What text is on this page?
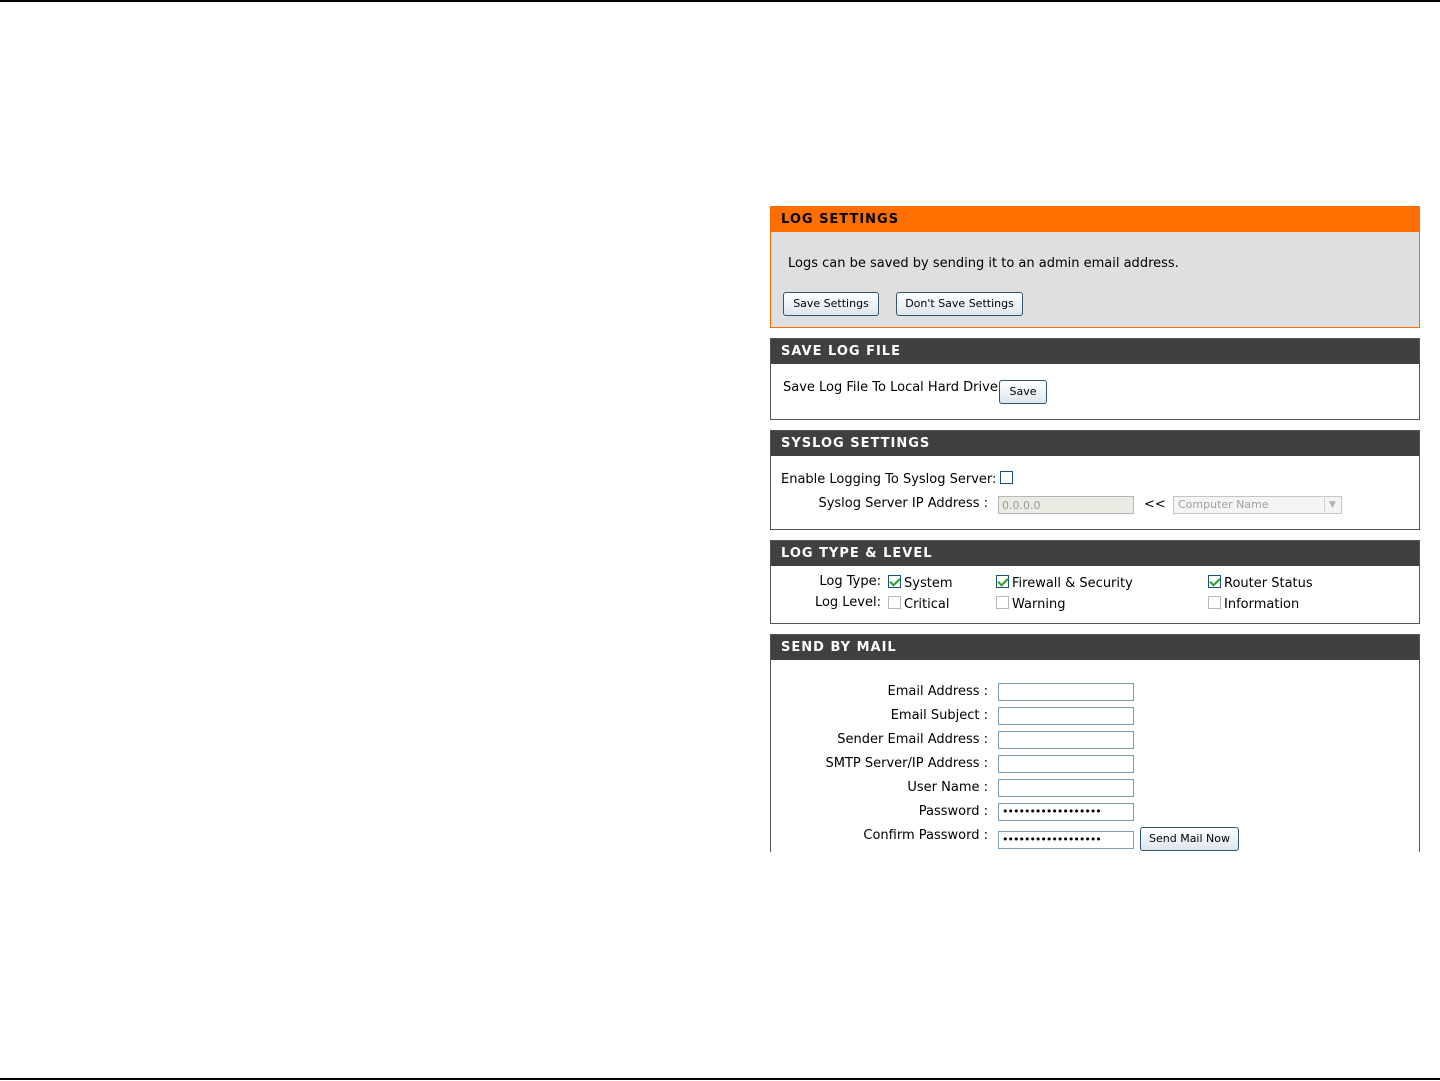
LOG SETTINGS
Logs can be saved by sending it to an admin email address.
Save Settings	Don't Save Settings
SAVE LOG FILE
Save Log File To Local Hard Drive	Save
SYSLOG SETTINGS
Enable Logging To Syslog Server:
Syslog Server IP Address :
0.0.0.0	<<	Computer Name	▼
LOG TYPE & LEVEL
Log Type: System	Firewall & Security	Router Status
Log Level: Critical	Warning	Information
SEND BY MAIL
Email Address :
Email Subject :
Sender Email Address :
SMTP Server/IP Address :
User Name :
Password :	••••••••••••••••••
Confirm Password :	••••••••••••••••••	Send Mail Now
